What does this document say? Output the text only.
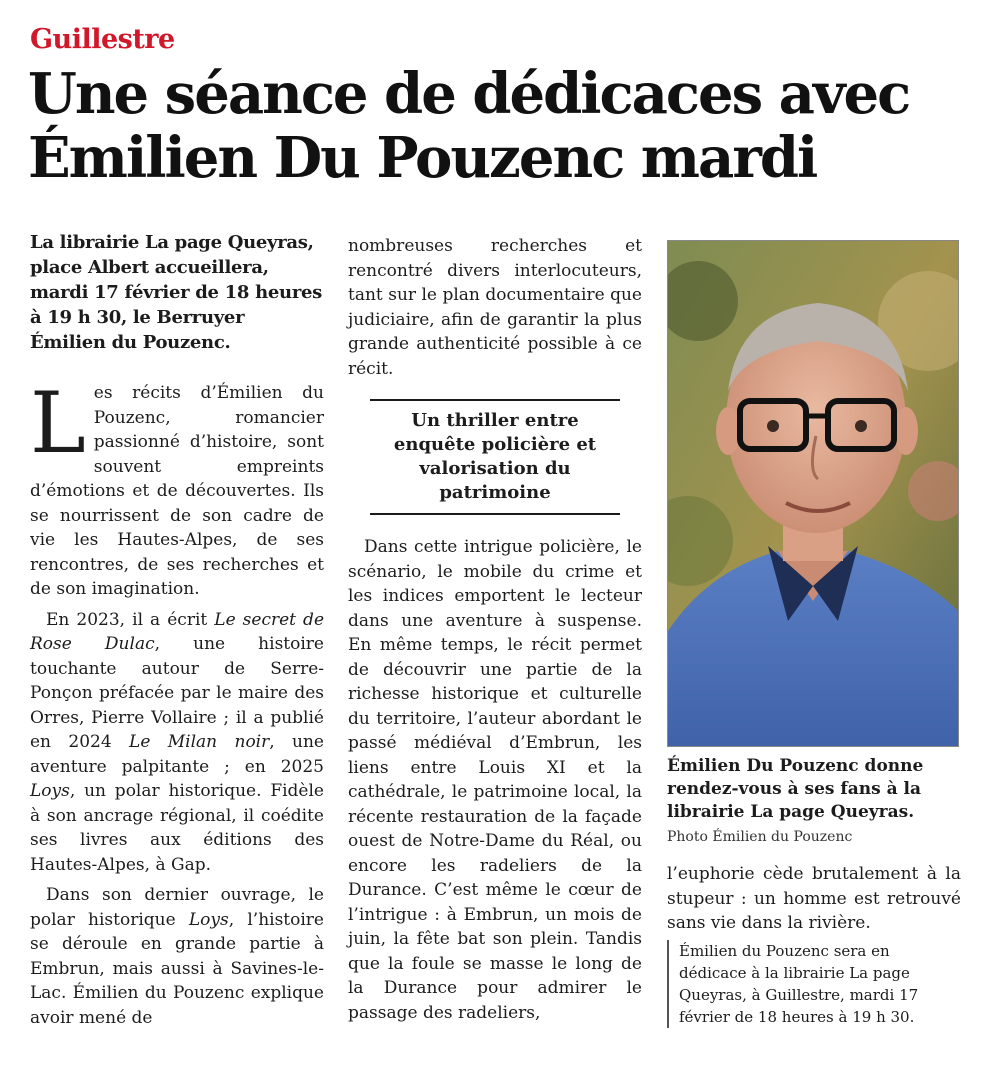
Guillestre
Une séance de dédicaces avec Émilien Du Pouzenc mardi
La librairie La page Queyras, place Albert accueillera, mardi 17 février de 18 heures à 19 h 30, le Berruyer Émilien du Pouzenc.
L es récits d’Émilien du Pouzenc, romancier passionné d’histoire, sont souvent empreints d’émotions et de découvertes. Ils se nourrissent de son cadre de vie les Hautes-Alpes, de ses rencontres, de ses recherches et de son imagination.

En 2023, il a écrit Le secret de Rose Dulac, une histoire touchante autour de Serre-Ponçon préfacée par le maire des Orres, Pierre Vollaire ; il a publié en 2024 Le Milan noir, une aventure palpitante ; en 2025 Loys, un polar historique. Fidèle à son ancrage régional, il coédite ses livres aux éditions des Hautes-Alpes, à Gap.

Dans son dernier ouvrage, le polar historique Loys, l’histoire se déroule en grande partie à Embrun, mais aussi à Savines-le-Lac. Émilien du Pouzenc explique avoir mené de

nombreuses recherches et rencontré divers interlocuteurs, tant sur le plan documentaire que judiciaire, afin de garantir la plus grande authenticité possible à ce récit.

Un thriller entre enquête policière et valorisation du patrimoine

Dans cette intrigue policière, le scénario, le mobile du crime et les indices emportent le lecteur dans une aventure à suspense. En même temps, le récit permet de découvrir une partie de la richesse historique et culturelle du territoire, l’auteur abordant le passé médiéval d’Embrun, les liens entre Louis XI et la cathédrale, le patrimoine local, la récente restauration de la façade ouest de Notre-Dame du Réal, ou encore les radeliers de la Durance. C’est même le cœur de l’intrigue : à Embrun, un mois de juin, la fête bat son plein. Tandis que la foule se masse le long de la Durance pour admirer le passage des radeliers,

Émilien Du Pouzenc donne rendez-vous à ses fans à la librairie La page Queyras.
Photo Émilien du Pouzenc

l’euphorie cède brutalement à la stupeur : un homme est retrouvé sans vie dans la rivière.

Émilien du Pouzenc sera en dédicace à la librairie La page Queyras, à Guillestre, mardi 17 février de 18 heures à 19 h 30.
